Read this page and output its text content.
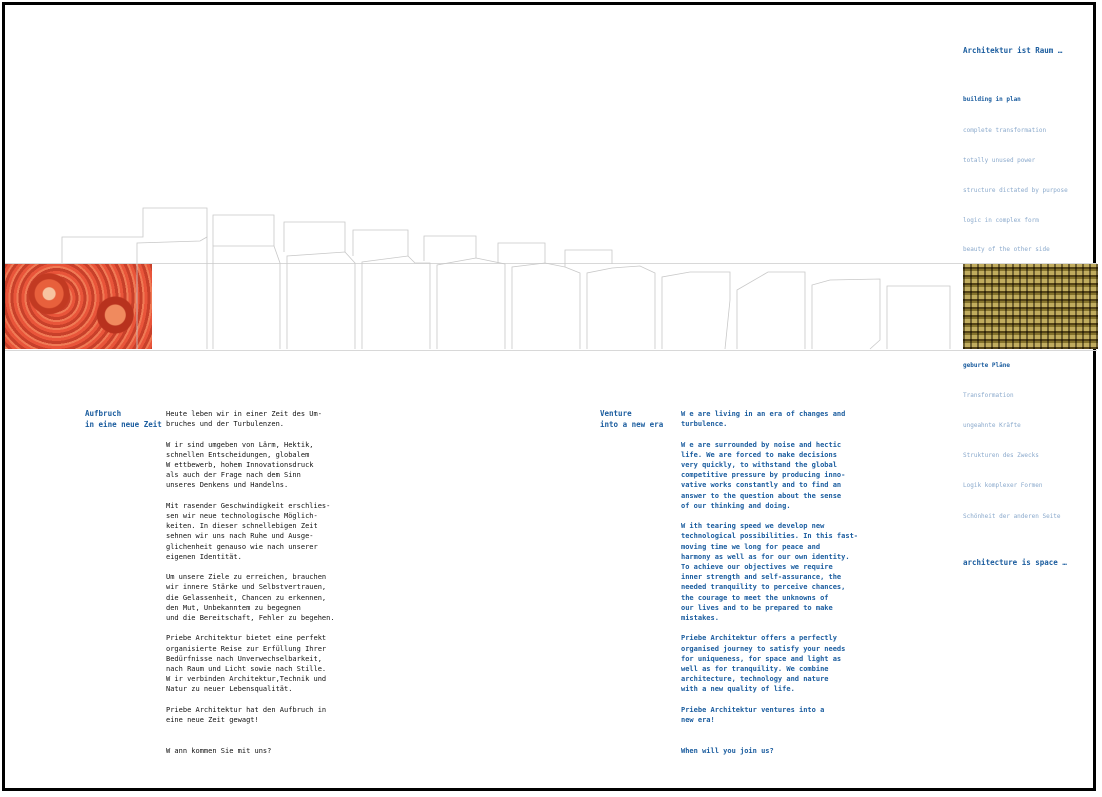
Architektur ist Raum …
building in plan
complete transformation
totally unused power
structure dictated by purpose
logic in complex form
beauty of the other side
geburte Pläne
Transformation
ungeahnte Kräfte
Strukturen des Zwecks
Logik komplexer Formen
Schönheit der anderen Seite
architecture is space …
Aufbruch
in eine neue Zeit
Heute leben wir in einer Zeit des Um-
bruches und der Turbulenzen.

W ir sind umgeben von Lärm, Hektik,
schnellen Entscheidungen, globalem
W ettbewerb, hohem Innovationsdruck
als auch der Frage nach dem Sinn
unseres Denkens und Handelns.

Mit rasender Geschwindigkeit erschlies-
sen wir neue technologische Möglich-
keiten. In dieser schnellebigen Zeit
sehnen wir uns nach Ruhe und Ausge-
glichenheit genauso wie nach unserer
eigenen Identität.

Um unsere Ziele zu erreichen, brauchen
wir innere Stärke und Selbstvertrauen,
die Gelassenheit, Chancen zu erkennen,
den Mut, Unbekanntem zu begegnen
und die Bereitschaft, Fehler zu begehen.

Priebe Architektur bietet eine perfekt
organisierte Reise zur Erfüllung Ihrer
Bedürfnisse nach Unverwechselbarkeit,
nach Raum und Licht sowie nach Stille.
W ir verbinden Architektur,Technik und
Natur zu neuer Lebensqualität.

Priebe Architektur hat den Aufbruch in
eine neue Zeit gewagt!

W ann kommen Sie mit uns?
Venture
into a new era
W e are living in an era of changes and
turbulence.

W e are surrounded by noise and hectic
life. We are forced to make decisions
very quickly, to withstand the global
competitive pressure by producing inno-
vative works constantly and to find an
answer to the question about the sense
of our thinking and doing.

W ith tearing speed we develop new
technological possibilities. In this fast-
moving time we long for peace and
harmony as well as for our own identity.
To achieve our objectives we require
inner strength and self-assurance, the
needed tranquility to perceive chances,
the courage to meet the unknowns of
our lives and to be prepared to make
mistakes.

Priebe Architektur offers a perfectly
organised journey to satisfy your needs
for uniqueness, for space and light as
well as for tranquility. We combine
architecture, technology and nature
with a new quality of life.

Priebe Architektur ventures into a
new era!

When will you join us?
